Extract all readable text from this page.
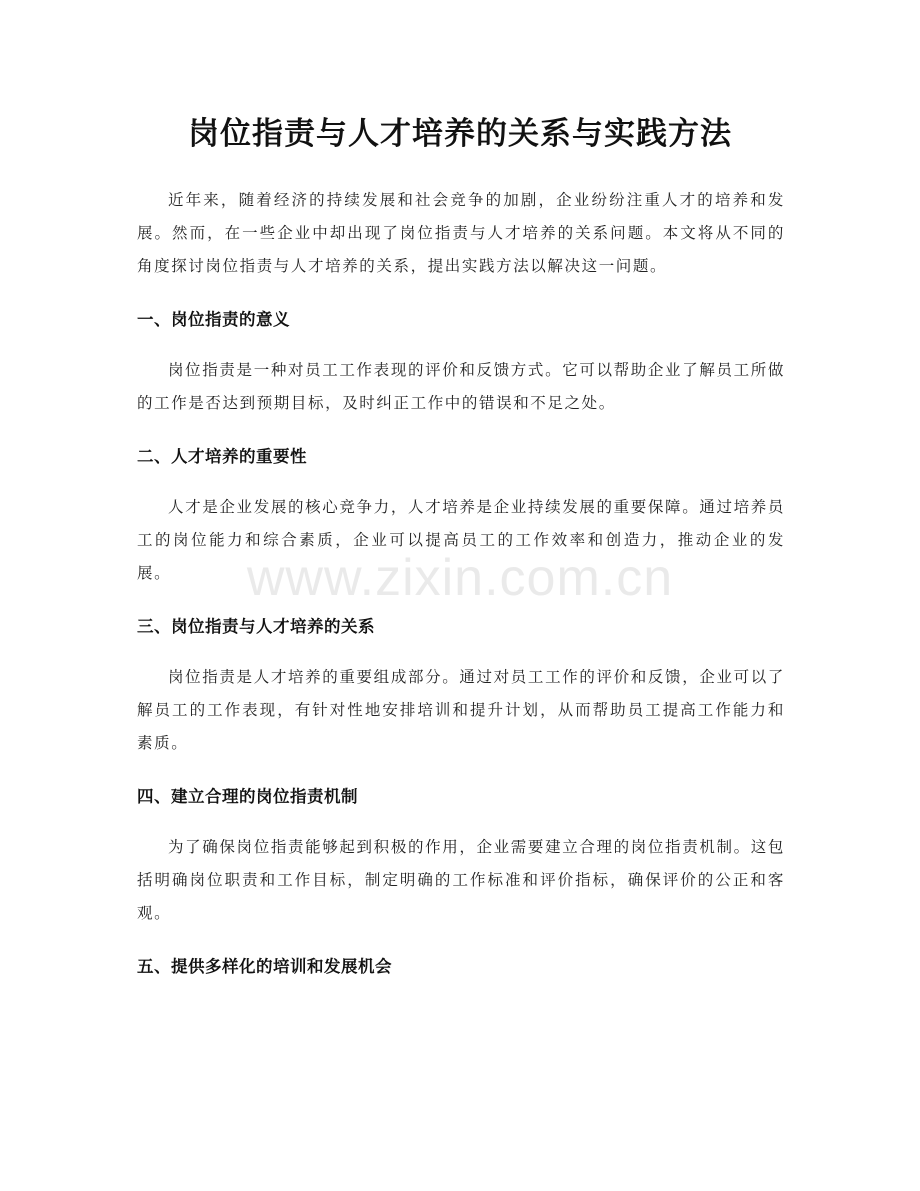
岗位指责与人才培养的关系与实践方法

近年来，随着经济的持续发展和社会竞争的加剧，企业纷纷注重人才的培养和发展。然而，在一些企业中却出现了岗位指责与人才培养的关系问题。本文将从不同的角度探讨岗位指责与人才培养的关系，提出实践方法以解决这一问题。

一、岗位指责的意义

岗位指责是一种对员工工作表现的评价和反馈方式。它可以帮助企业了解员工所做的工作是否达到预期目标，及时纠正工作中的错误和不足之处。

二、人才培养的重要性

人才是企业发展的核心竞争力，人才培养是企业持续发展的重要保障。通过培养员工的岗位能力和综合素质，企业可以提高员工的工作效率和创造力，推动企业的发展。

三、岗位指责与人才培养的关系

岗位指责是人才培养的重要组成部分。通过对员工工作的评价和反馈，企业可以了解员工的工作表现，有针对性地安排培训和提升计划，从而帮助员工提高工作能力和素质。

四、建立合理的岗位指责机制

为了确保岗位指责能够起到积极的作用，企业需要建立合理的岗位指责机制。这包括明确岗位职责和工作目标，制定明确的工作标准和评价指标，确保评价的公正和客观。

五、提供多样化的培训和发展机会
www.zixin.com.cn
